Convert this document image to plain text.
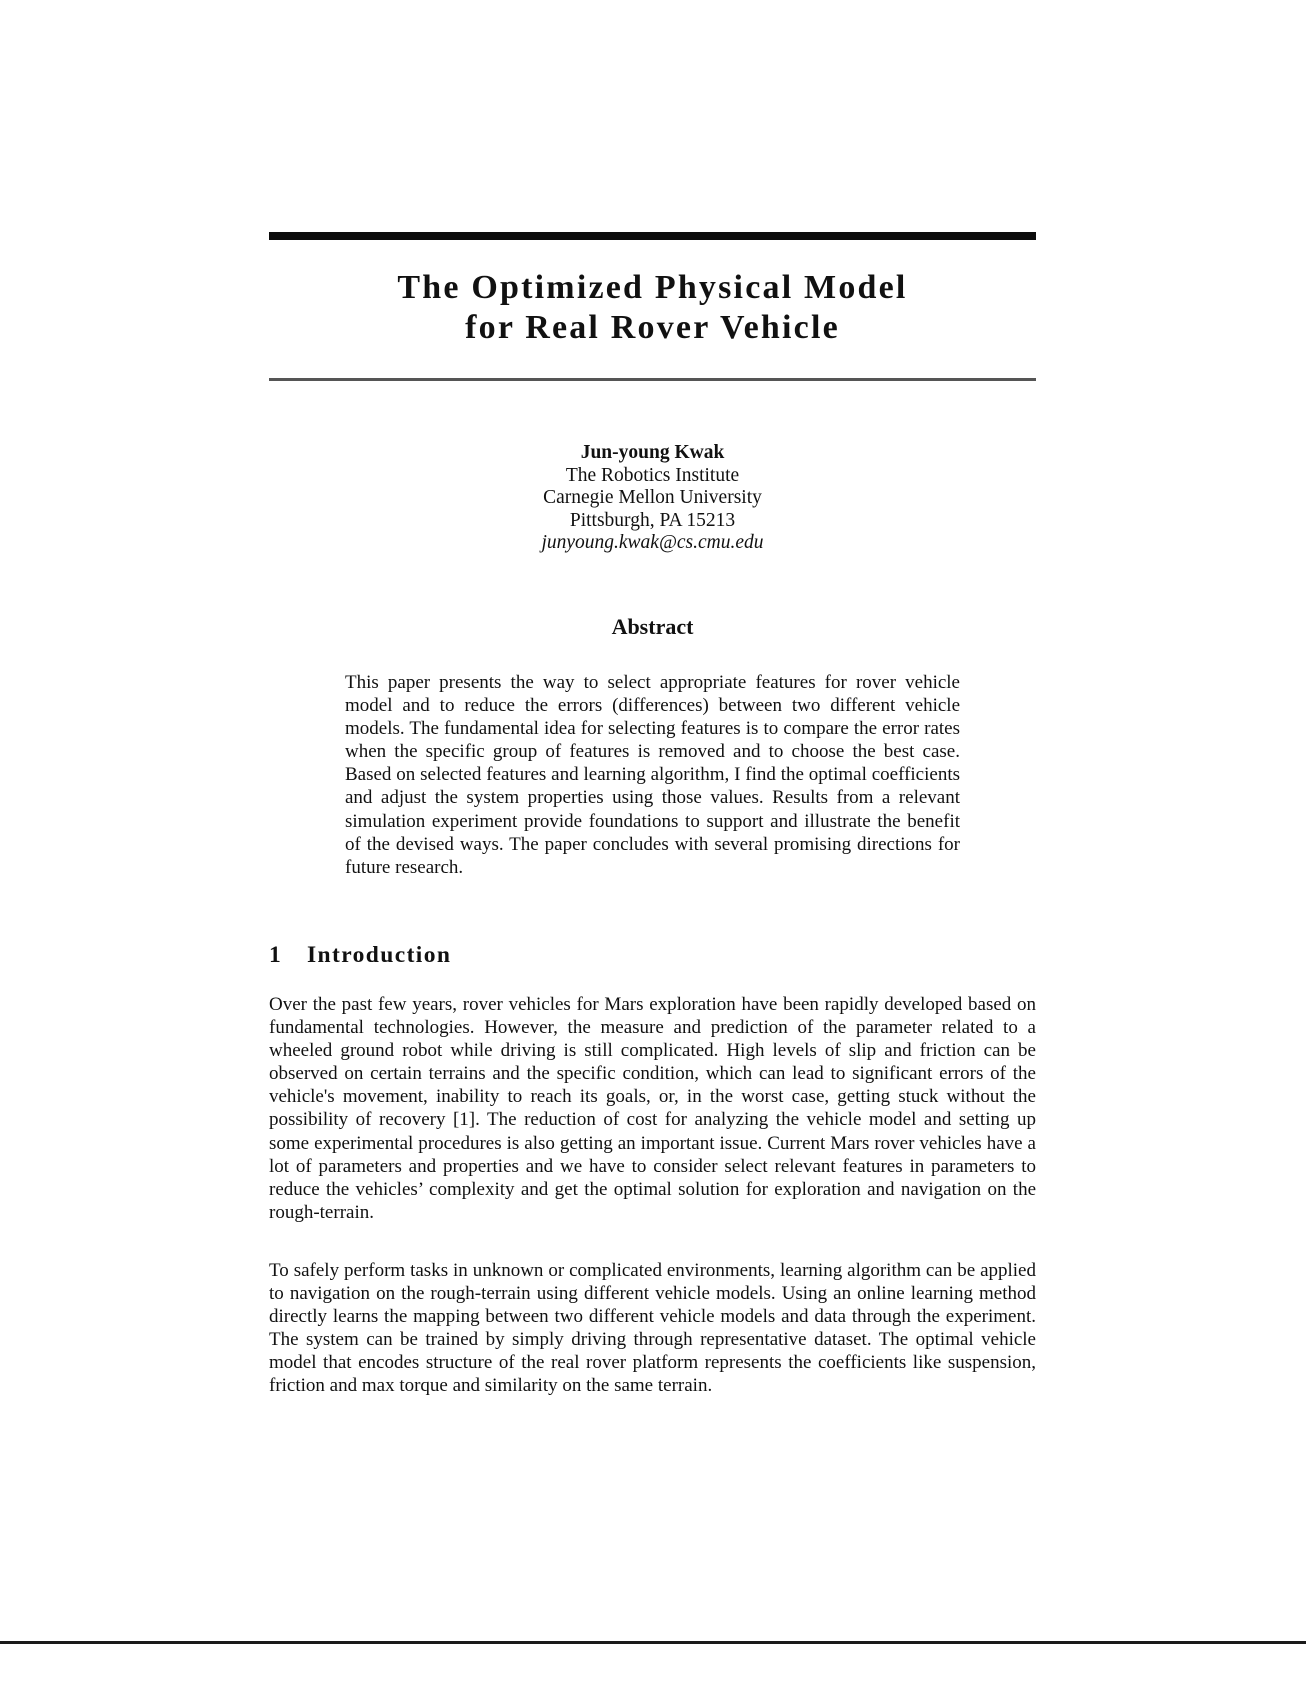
The Optimized Physical Model
for Real Rover Vehicle
Jun-young Kwak
The Robotics Institute
Carnegie Mellon University
Pittsburgh, PA 15213
junyoung.kwak@cs.cmu.edu
Abstract

This paper presents the way to select appropriate features for rover vehicle model and to reduce the errors (differences) between two different vehicle models. The fundamental idea for selecting features is to compare the error rates when the specific group of features is removed and to choose the best case. Based on selected features and learning algorithm, I find the optimal coefficients and adjust the system properties using those values. Results from a relevant simulation experiment provide foundations to support and illustrate the benefit of the devised ways. The paper concludes with several promising directions for future research.

1 Introduction

Over the past few years, rover vehicles for Mars exploration have been rapidly developed based on fundamental technologies. However, the measure and prediction of the parameter related to a wheeled ground robot while driving is still complicated. High levels of slip and friction can be observed on certain terrains and the specific condition, which can lead to significant errors of the vehicle's movement, inability to reach its goals, or, in the worst case, getting stuck without the possibility of recovery [1]. The reduction of cost for analyzing the vehicle model and setting up some experimental procedures is also getting an important issue. Current Mars rover vehicles have a lot of parameters and properties and we have to consider select relevant features in parameters to reduce the vehicles’ complexity and get the optimal solution for exploration and navigation on the rough-terrain.

To safely perform tasks in unknown or complicated environments, learning algorithm can be applied to navigation on the rough-terrain using different vehicle models. Using an online learning method directly learns the mapping between two different vehicle models and data through the experiment. The system can be trained by simply driving through representative dataset. The optimal vehicle model that encodes structure of the real rover platform represents the coefficients like suspension, friction and max torque and similarity on the same terrain.
